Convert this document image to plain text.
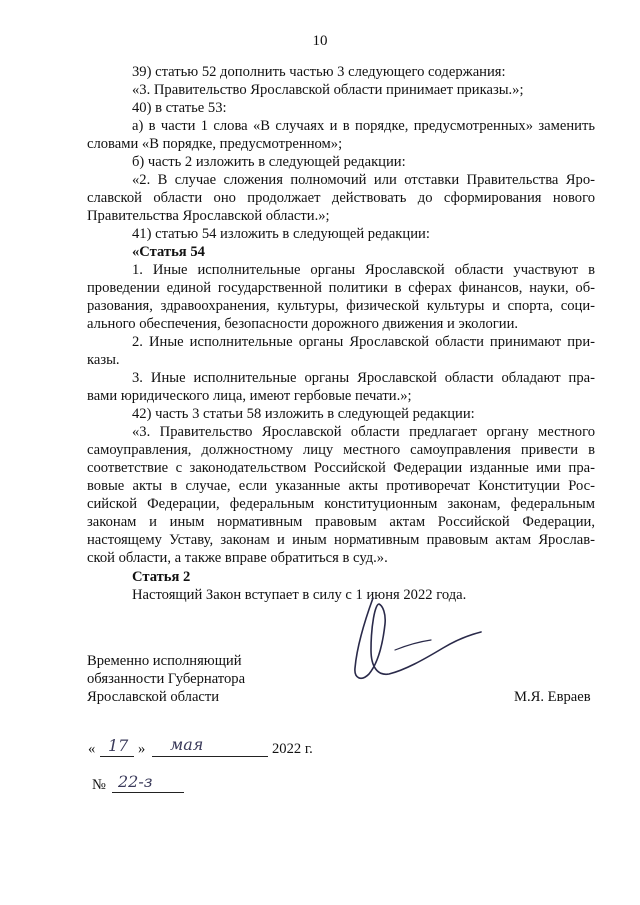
10
39) статью 52 дополнить частью 3 следующего содержания:
«3. Правительство Ярославской области принимает приказы.»;
40) в статье 53:
а) в части 1 слова «В случаях и в порядке, предусмотренных» заменить
словами «В порядке, предусмотренном»;
б) часть 2 изложить в следующей редакции:
«2. В случае сложения полномочий или отставки Правительства Яро-
славской области оно продолжает действовать до сформирования нового
Правительства Ярославской области.»;
41) статью 54 изложить в следующей редакции:
«Статья 54
1. Иные исполнительные органы Ярославской области участвуют в
проведении единой государственной политики в сферах финансов, науки, об-
разования, здравоохранения, культуры, физической культуры и спорта, соци-
ального обеспечения, безопасности дорожного движения и экологии.
2. Иные исполнительные органы Ярославской области принимают при-
казы.
3. Иные исполнительные органы Ярославской области обладают пра-
вами юридического лица, имеют гербовые печати.»;
42) часть 3 статьи 58 изложить в следующей редакции:
«3. Правительство Ярославской области предлагает органу местного
самоуправления, должностному лицу местного самоуправления привести в
соответствие с законодательством Российской Федерации изданные ими пра-
вовые акты в случае, если указанные акты противоречат Конституции Рос-
сийской Федерации, федеральным конституционным законам, федеральным
законам и иным нормативным правовым актам Российской Федерации,
настоящему Уставу, законам и иным нормативным правовым актам Ярослав-
ской области, а также вправе обратиться в суд.».
Статья 2
Настоящий Закон вступает в силу с 1 июня 2022 года.
Временно исполняющий
обязанности Губернатора
Ярославской области	М.Я. Евраев
« 17 » мая	2022 г.
№ 22-з
